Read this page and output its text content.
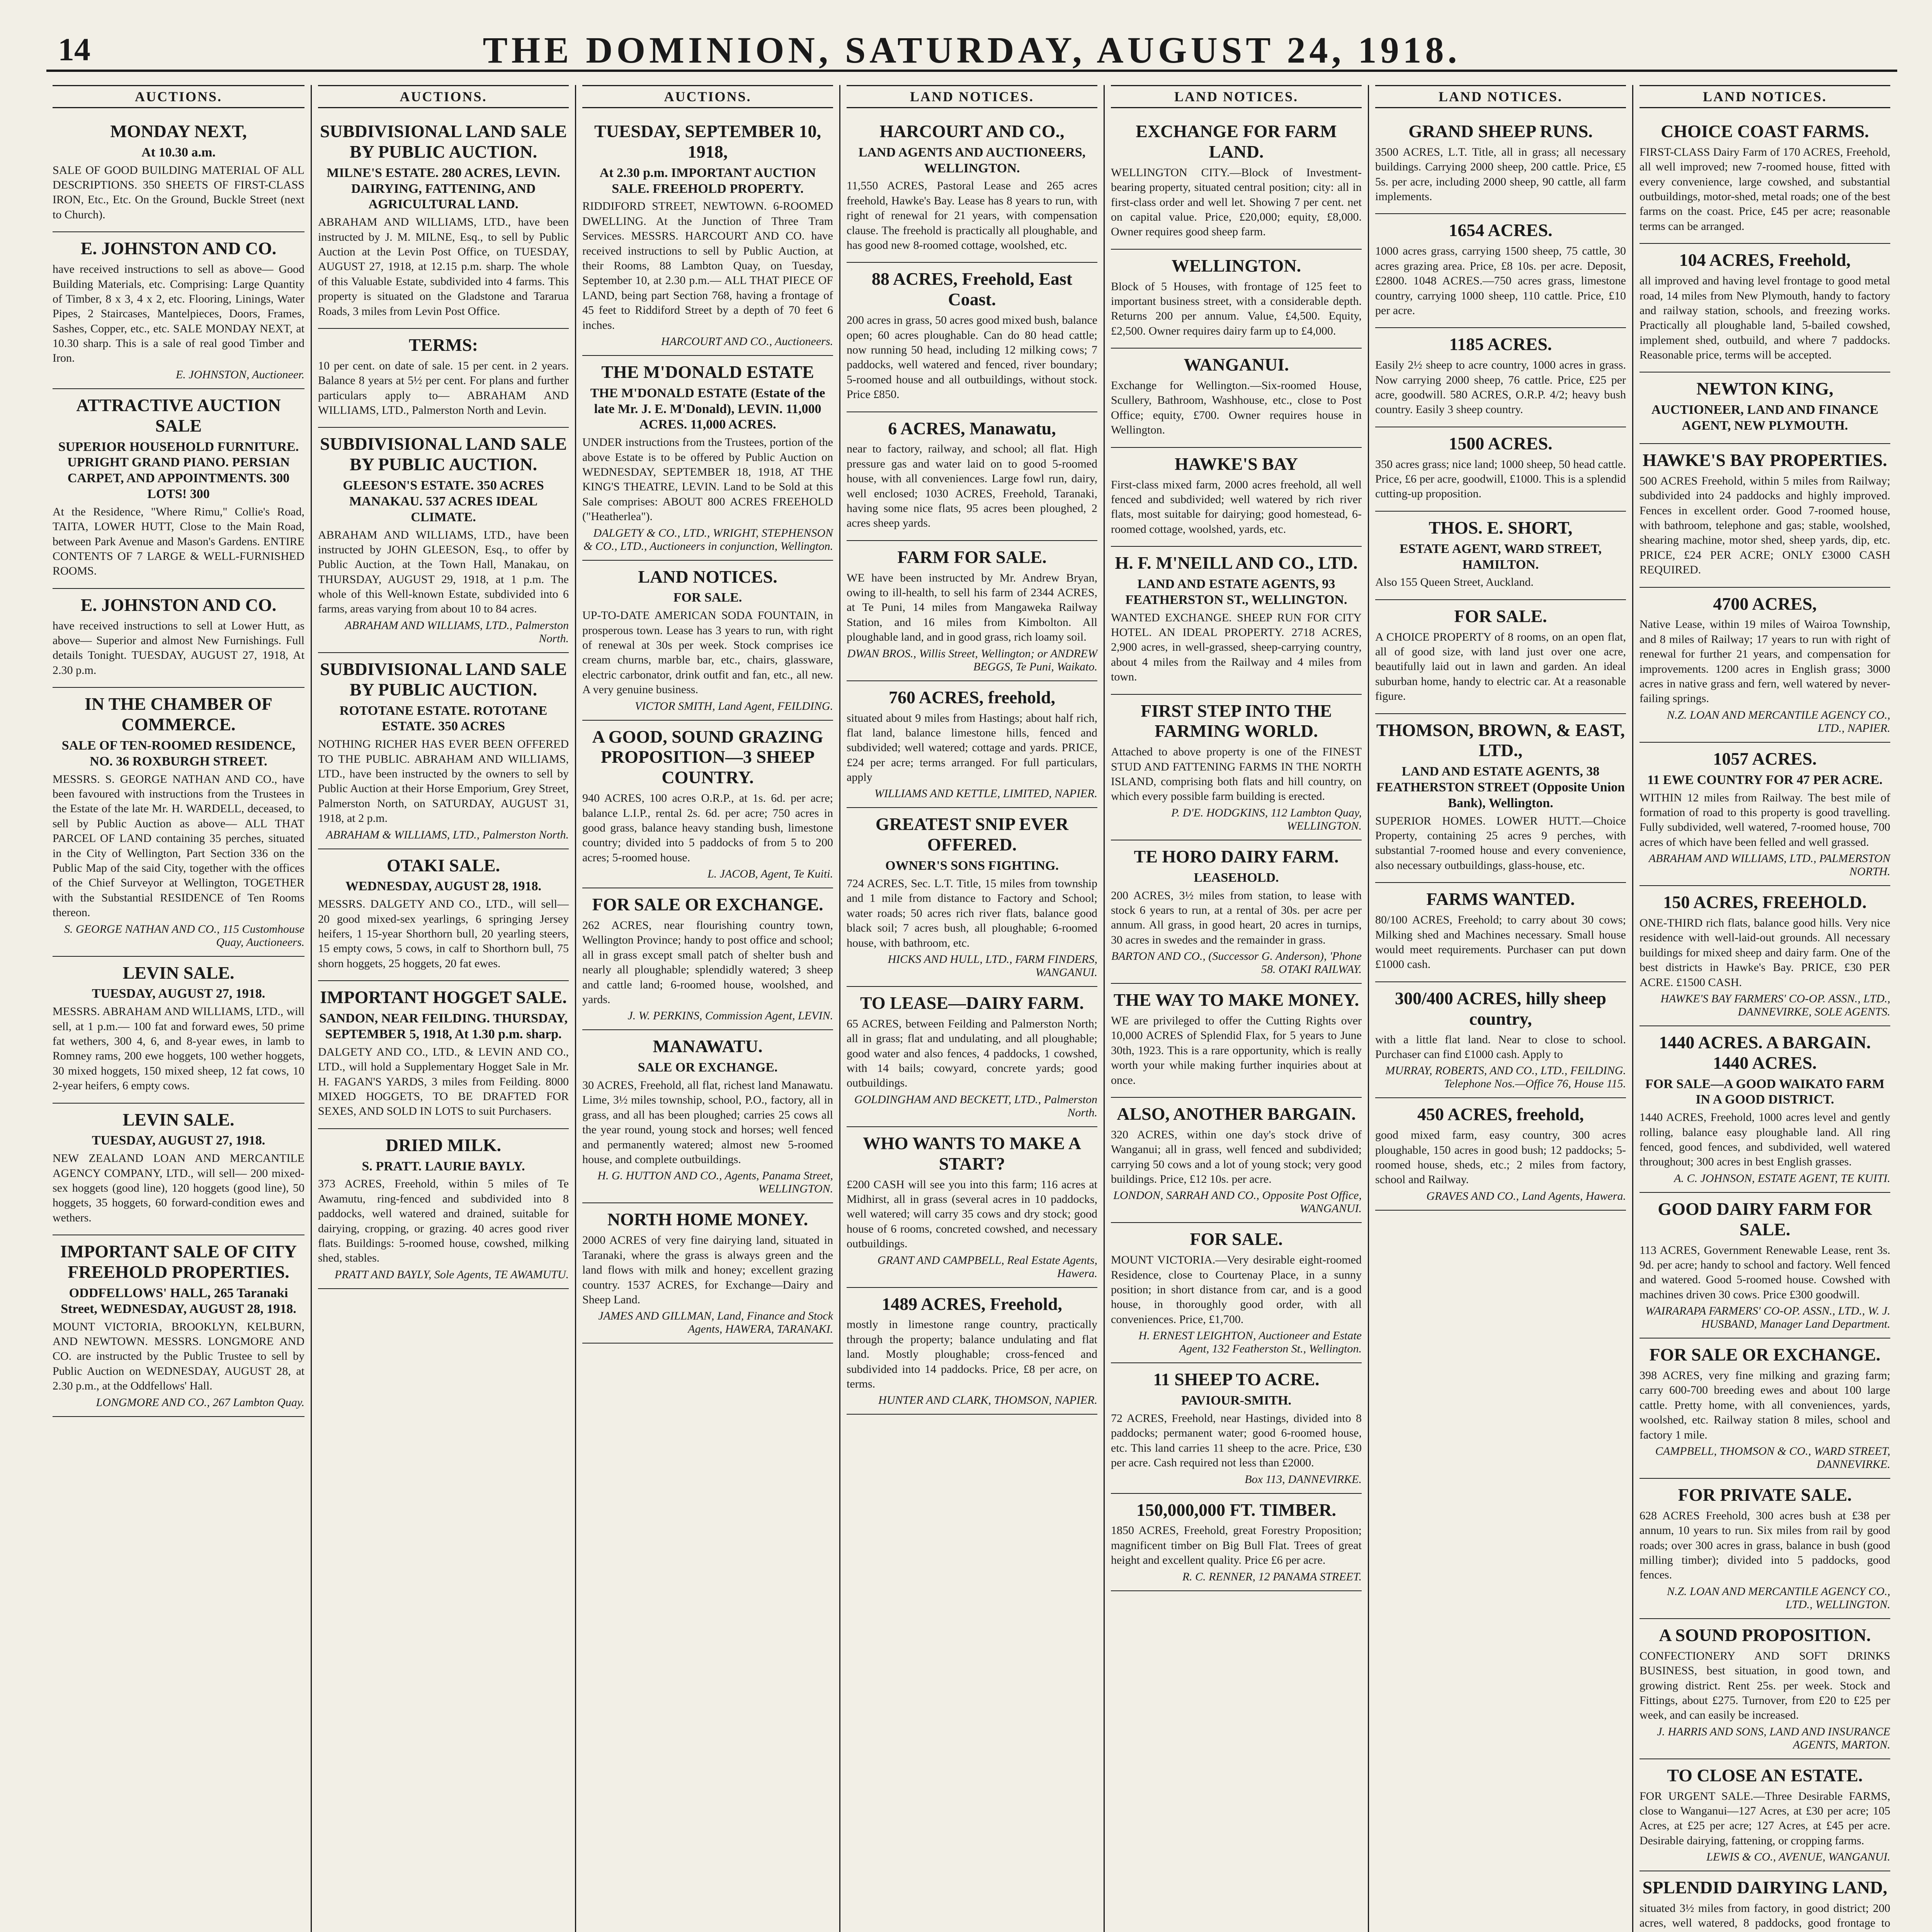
14	THE DOMINION, SATURDAY, AUGUST 24, 1918.
AUCTIONS.
MONDAY NEXT,
At 10.30 a.m.
SALE OF GOOD BUILDING MATERIAL OF ALL DESCRIPTIONS. 350 SHEETS OF FIRST-CLASS IRON, Etc., Etc. On the Ground, Buckle Street (next to Church).
E. JOHNSTON AND CO.
have received instructions to sell as above— Good Building Materials, etc. Comprising: Large Quantity of Timber, 8 x 3, 4 x 2, etc. Flooring, Linings, Water Pipes, 2 Staircases, Mantelpieces, Doors, Frames, Sashes, Copper, etc., etc. SALE MONDAY NEXT, at 10.30 sharp. This is a sale of real good Timber and Iron.
E. JOHNSTON, Auctioneer.
ATTRACTIVE AUCTION SALE
SUPERIOR HOUSEHOLD FURNITURE. UPRIGHT GRAND PIANO. PERSIAN CARPET, AND APPOINTMENTS. 300 LOTS! 300
At the Residence, "Where Rimu," Collie's Road, TAITA, LOWER HUTT, Close to the Main Road, between Park Avenue and Mason's Gardens. ENTIRE CONTENTS OF 7 LARGE & WELL-FURNISHED ROOMS.
E. JOHNSTON AND CO.
have received instructions to sell at Lower Hutt, as above— Superior and almost New Furnishings. Full details Tonight. TUESDAY, AUGUST 27, 1918, At 2.30 p.m.
IN THE CHAMBER OF COMMERCE.
SALE OF TEN-ROOMED RESIDENCE, NO. 36 ROXBURGH STREET.
MESSRS. S. GEORGE NATHAN AND CO., have been favoured with instructions from the Trustees in the Estate of the late Mr. H. WARDELL, deceased, to sell by Public Auction as above— ALL THAT PARCEL OF LAND containing 35 perches, situated in the City of Wellington, Part Section 336 on the Public Map of the said City, together with the offices of the Chief Surveyor at Wellington, TOGETHER with the Substantial RESIDENCE of Ten Rooms thereon.
S. GEORGE NATHAN AND CO., 115 Customhouse Quay, Auctioneers.
LEVIN SALE.
TUESDAY, AUGUST 27, 1918.
MESSRS. ABRAHAM AND WILLIAMS, LTD., will sell, at 1 p.m.— 100 fat and forward ewes, 50 prime fat wethers, 300 4, 6, and 8-year ewes, in lamb to Romney rams, 200 ewe hoggets, 100 wether hoggets, 30 mixed hoggets, 150 mixed sheep, 12 fat cows, 10 2-year heifers, 6 empty cows.
LEVIN SALE.
TUESDAY, AUGUST 27, 1918.
NEW ZEALAND LOAN AND MERCANTILE AGENCY COMPANY, LTD., will sell— 200 mixed-sex hoggets (good line), 120 hoggets (good line), 50 hoggets, 35 hoggets, 60 forward-condition ewes and wethers.
IMPORTANT SALE OF CITY FREEHOLD PROPERTIES.
ODDFELLOWS' HALL, 265 Taranaki Street, WEDNESDAY, AUGUST 28, 1918.
MOUNT VICTORIA, BROOKLYN, KELBURN, AND NEWTOWN. MESSRS. LONGMORE AND CO. are instructed by the Public Trustee to sell by Public Auction on WEDNESDAY, AUGUST 28, at 2.30 p.m., at the Oddfellows' Hall.
LONGMORE AND CO., 267 Lambton Quay.
AUCTIONS.
SUBDIVISIONAL LAND SALE BY PUBLIC AUCTION.
MILNE'S ESTATE. 280 ACRES, LEVIN. DAIRYING, FATTENING, AND AGRICULTURAL LAND.
ABRAHAM AND WILLIAMS, LTD., have been instructed by J. M. MILNE, Esq., to sell by Public Auction at the Levin Post Office, on TUESDAY, AUGUST 27, 1918, at 12.15 p.m. sharp. The whole of this Valuable Estate, subdivided into 4 farms. This property is situated on the Gladstone and Tararua Roads, 3 miles from Levin Post Office.
TERMS:
10 per cent. on date of sale. 15 per cent. in 2 years. Balance 8 years at 5½ per cent. For plans and further particulars apply to— ABRAHAM AND WILLIAMS, LTD., Palmerston North and Levin.
SUBDIVISIONAL LAND SALE BY PUBLIC AUCTION.
GLEESON'S ESTATE. 350 ACRES MANAKAU. 537 ACRES IDEAL CLIMATE.
ABRAHAM AND WILLIAMS, LTD., have been instructed by JOHN GLEESON, Esq., to offer by Public Auction, at the Town Hall, Manakau, on THURSDAY, AUGUST 29, 1918, at 1 p.m. The whole of this Well-known Estate, subdivided into 6 farms, areas varying from about 10 to 84 acres.
ABRAHAM AND WILLIAMS, LTD., Palmerston North.
SUBDIVISIONAL LAND SALE BY PUBLIC AUCTION.
ROTOTANE ESTATE. ROTOTANE ESTATE. 350 ACRES
NOTHING RICHER HAS EVER BEEN OFFERED TO THE PUBLIC. ABRAHAM AND WILLIAMS, LTD., have been instructed by the owners to sell by Public Auction at their Horse Emporium, Grey Street, Palmerston North, on SATURDAY, AUGUST 31, 1918, at 2 p.m.
ABRAHAM & WILLIAMS, LTD., Palmerston North.
OTAKI SALE.
WEDNESDAY, AUGUST 28, 1918.
MESSRS. DALGETY AND CO., LTD., will sell— 20 good mixed-sex yearlings, 6 springing Jersey heifers, 1 15-year Shorthorn bull, 20 yearling steers, 15 empty cows, 5 cows, in calf to Shorthorn bull, 75 shorn hoggets, 25 hoggets, 20 fat ewes.
IMPORTANT HOGGET SALE.
SANDON, NEAR FEILDING. THURSDAY, SEPTEMBER 5, 1918, At 1.30 p.m. sharp.
DALGETY AND CO., LTD., & LEVIN AND CO., LTD., will hold a Supplementary Hogget Sale in Mr. H. FAGAN'S YARDS, 3 miles from Feilding. 8000 MIXED HOGGETS, TO BE DRAFTED FOR SEXES, AND SOLD IN LOTS to suit Purchasers.
DRIED MILK.
S. PRATT. LAURIE BAYLY.
373 ACRES, Freehold, within 5 miles of Te Awamutu, ring-fenced and subdivided into 8 paddocks, well watered and drained, suitable for dairying, cropping, or grazing. 40 acres good river flats. Buildings: 5-roomed house, cowshed, milking shed, stables.
PRATT AND BAYLY, Sole Agents, TE AWAMUTU.
AUCTIONS.
TUESDAY, SEPTEMBER 10, 1918,
At 2.30 p.m. IMPORTANT AUCTION SALE. FREEHOLD PROPERTY.
RIDDIFORD STREET, NEWTOWN. 6-ROOMED DWELLING. At the Junction of Three Tram Services. MESSRS. HARCOURT AND CO. have received instructions to sell by Public Auction, at their Rooms, 88 Lambton Quay, on Tuesday, September 10, at 2.30 p.m.— ALL THAT PIECE OF LAND, being part Section 768, having a frontage of 45 feet to Riddiford Street by a depth of 70 feet 6 inches.
HARCOURT AND CO., Auctioneers.
THE M'DONALD ESTATE
THE M'DONALD ESTATE (Estate of the late Mr. J. E. M'Donald), LEVIN. 11,000 ACRES. 11,000 ACRES.
UNDER instructions from the Trustees, portion of the above Estate is to be offered by Public Auction on WEDNESDAY, SEPTEMBER 18, 1918, AT THE KING'S THEATRE, LEVIN. Land to be Sold at this Sale comprises: ABOUT 800 ACRES FREEHOLD ("Heatherlea").
DALGETY & CO., LTD., WRIGHT, STEPHENSON & CO., LTD., Auctioneers in conjunction, Wellington.
LAND NOTICES.
FOR SALE.
UP-TO-DATE AMERICAN SODA FOUNTAIN, in prosperous town. Lease has 3 years to run, with right of renewal at 30s per week. Stock comprises ice cream churns, marble bar, etc., chairs, glassware, electric carbonator, drink outfit and fan, etc., all new. A very genuine business.
VICTOR SMITH, Land Agent, FEILDING.
A GOOD, SOUND GRAZING PROPOSITION—3 SHEEP COUNTRY.
940 ACRES, 100 acres O.R.P., at 1s. 6d. per acre; balance L.I.P., rental 2s. 6d. per acre; 750 acres in good grass, balance heavy standing bush, limestone country; divided into 5 paddocks of from 5 to 200 acres; 5-roomed house.
L. JACOB, Agent, Te Kuiti.
FOR SALE OR EXCHANGE.
262 ACRES, near flourishing country town, Wellington Province; handy to post office and school; all in grass except small patch of shelter bush and nearly all ploughable; splendidly watered; 3 sheep and cattle land; 6-roomed house, woolshed, and yards.
J. W. PERKINS, Commission Agent, LEVIN.
MANAWATU.
SALE OR EXCHANGE.
30 ACRES, Freehold, all flat, richest land Manawatu. Lime, 3½ miles township, school, P.O., factory, all in grass, and all has been ploughed; carries 25 cows all the year round, young stock and horses; well fenced and permanently watered; almost new 5-roomed house, and complete outbuildings.
H. G. HUTTON AND CO., Agents, Panama Street, WELLINGTON.
NORTH HOME MONEY.
2000 ACRES of very fine dairying land, situated in Taranaki, where the grass is always green and the land flows with milk and honey; excellent grazing country. 1537 ACRES, for Exchange—Dairy and Sheep Land.
JAMES AND GILLMAN, Land, Finance and Stock Agents, HAWERA, TARANAKI.
LAND NOTICES.
HARCOURT AND CO.,
LAND AGENTS AND AUCTIONEERS, WELLINGTON.
11,550 ACRES, Pastoral Lease and 265 acres freehold, Hawke's Bay. Lease has 8 years to run, with right of renewal for 21 years, with compensation clause. The freehold is practically all ploughable, and has good new 8-roomed cottage, woolshed, etc.
88 ACRES, Freehold, East Coast.
200 acres in grass, 50 acres good mixed bush, balance open; 60 acres ploughable. Can do 80 head cattle; now running 50 head, including 12 milking cows; 7 paddocks, well watered and fenced, river boundary; 5-roomed house and all outbuildings, without stock. Price £850.
6 ACRES, Manawatu,
near to factory, railway, and school; all flat. High pressure gas and water laid on to good 5-roomed house, with all conveniences. Large fowl run, dairy, well enclosed; 1030 ACRES, Freehold, Taranaki, having some nice flats, 95 acres been ploughed, 2 acres sheep yards.
FARM FOR SALE.
WE have been instructed by Mr. Andrew Bryan, owing to ill-health, to sell his farm of 2344 ACRES, at Te Puni, 14 miles from Mangaweka Railway Station, and 16 miles from Kimbolton. All ploughable land, and in good grass, rich loamy soil.
DWAN BROS., Willis Street, Wellington; or ANDREW BEGGS, Te Puni, Waikato.
760 ACRES, freehold,
situated about 9 miles from Hastings; about half rich, flat land, balance limestone hills, fenced and subdivided; well watered; cottage and yards. PRICE, £24 per acre; terms arranged. For full particulars, apply
WILLIAMS AND KETTLE, LIMITED, NAPIER.
GREATEST SNIP EVER OFFERED.
OWNER'S SONS FIGHTING.
724 ACRES, Sec. L.T. Title, 15 miles from township and 1 mile from distance to Factory and School; water roads; 50 acres rich river flats, balance good black soil; 7 acres bush, all ploughable; 6-roomed house, with bathroom, etc.
HICKS AND HULL, LTD., FARM FINDERS, WANGANUI.
TO LEASE—DAIRY FARM.
65 ACRES, between Feilding and Palmerston North; all in grass; flat and undulating, and all ploughable; good water and also fences, 4 paddocks, 1 cowshed, with 14 bails; cowyard, concrete yards; good outbuildings.
GOLDINGHAM AND BECKETT, LTD., Palmerston North.
WHO WANTS TO MAKE A START?
£200 CASH will see you into this farm; 116 acres at Midhirst, all in grass (several acres in 10 paddocks, well watered; will carry 35 cows and dry stock; good house of 6 rooms, concreted cowshed, and necessary outbuildings.
GRANT AND CAMPBELL, Real Estate Agents, Hawera.
1489 ACRES, Freehold,
mostly in limestone range country, practically through the property; balance undulating and flat land. Mostly ploughable; cross-fenced and subdivided into 14 paddocks. Price, £8 per acre, on terms.
HUNTER AND CLARK, THOMSON, NAPIER.
LAND NOTICES.
EXCHANGE FOR FARM LAND.
WELLINGTON CITY.—Block of Investment-bearing property, situated central position; city: all in first-class order and well let. Showing 7 per cent. net on capital value. Price, £20,000; equity, £8,000. Owner requires good sheep farm.
WELLINGTON.
Block of 5 Houses, with frontage of 125 feet to important business street, with a considerable depth. Returns 200 per annum. Value, £4,500. Equity, £2,500. Owner requires dairy farm up to £4,000.
WANGANUI.
Exchange for Wellington.—Six-roomed House, Scullery, Bathroom, Washhouse, etc., close to Post Office; equity, £700. Owner requires house in Wellington.
HAWKE'S BAY
First-class mixed farm, 2000 acres freehold, all well fenced and subdivided; well watered by rich river flats, most suitable for dairying; good homestead, 6-roomed cottage, woolshed, yards, etc.
H. F. M'NEILL AND CO., LTD.
LAND AND ESTATE AGENTS, 93 FEATHERSTON ST., WELLINGTON.
WANTED EXCHANGE. SHEEP RUN FOR CITY HOTEL. AN IDEAL PROPERTY. 2718 ACRES, 2,900 acres, in well-grassed, sheep-carrying country, about 4 miles from the Railway and 4 miles from town.
FIRST STEP INTO THE FARMING WORLD.
Attached to above property is one of the FINEST STUD AND FATTENING FARMS IN THE NORTH ISLAND, comprising both flats and hill country, on which every possible farm building is erected.
P. D'E. HODGKINS, 112 Lambton Quay, WELLINGTON.
TE HORO DAIRY FARM.
LEASEHOLD.
200 ACRES, 3½ miles from station, to lease with stock 6 years to run, at a rental of 30s. per acre per annum. All grass, in good heart, 20 acres in turnips, 30 acres in swedes and the remainder in grass.
BARTON AND CO., (Successor G. Anderson), 'Phone 58. OTAKI RAILWAY.
THE WAY TO MAKE MONEY.
WE are privileged to offer the Cutting Rights over 10,000 ACRES of Splendid Flax, for 5 years to June 30th, 1923. This is a rare opportunity, which is really worth your while making further inquiries about at once.
ALSO, ANOTHER BARGAIN.
320 ACRES, within one day's stock drive of Wanganui; all in grass, well fenced and subdivided; carrying 50 cows and a lot of young stock; very good buildings. Price, £12 10s. per acre.
LONDON, SARRAH AND CO., Opposite Post Office, WANGANUI.
FOR SALE.
MOUNT VICTORIA.—Very desirable eight-roomed Residence, close to Courtenay Place, in a sunny position; in short distance from car, and is a good house, in thoroughly good order, with all conveniences. Price, £1,700.
H. ERNEST LEIGHTON, Auctioneer and Estate Agent, 132 Featherston St., Wellington.
11 SHEEP TO ACRE.
PAVIOUR-SMITH.
72 ACRES, Freehold, near Hastings, divided into 8 paddocks; permanent water; good 6-roomed house, etc. This land carries 11 sheep to the acre. Price, £30 per acre. Cash required not less than £2000.
Box 113, DANNEVIRKE.
150,000,000 FT. TIMBER.
1850 ACRES, Freehold, great Forestry Proposition; magnificent timber on Big Bull Flat. Trees of great height and excellent quality. Price £6 per acre.
R. C. RENNER, 12 PANAMA STREET.
LAND NOTICES.
GRAND SHEEP RUNS.
3500 ACRES, L.T. Title, all in grass; all necessary buildings. Carrying 2000 sheep, 200 cattle. Price, £5 5s. per acre, including 2000 sheep, 90 cattle, all farm implements.
1654 ACRES.
1000 acres grass, carrying 1500 sheep, 75 cattle, 30 acres grazing area. Price, £8 10s. per acre. Deposit, £2800. 1048 ACRES.—750 acres grass, limestone country, carrying 1000 sheep, 110 cattle. Price, £10 per acre.
1185 ACRES.
Easily 2½ sheep to acre country, 1000 acres in grass. Now carrying 2000 sheep, 76 cattle. Price, £25 per acre, goodwill. 580 ACRES, O.R.P. 4/2; heavy bush country. Easily 3 sheep country.
1500 ACRES.
350 acres grass; nice land; 1000 sheep, 50 head cattle. Price, £6 per acre, goodwill, £1000. This is a splendid cutting-up proposition.
THOS. E. SHORT,
ESTATE AGENT, WARD STREET, HAMILTON.
Also 155 Queen Street, Auckland.
FOR SALE.
A CHOICE PROPERTY of 8 rooms, on an open flat, all of good size, with land just over one acre, beautifully laid out in lawn and garden. An ideal suburban home, handy to electric car. At a reasonable figure.
THOMSON, BROWN, & EAST, LTD.,
LAND AND ESTATE AGENTS, 38 FEATHERSTON STREET (Opposite Union Bank), Wellington.
SUPERIOR HOMES. LOWER HUTT.—Choice Property, containing 25 acres 9 perches, with substantial 7-roomed house and every convenience, also necessary outbuildings, glass-house, etc.
FARMS WANTED.
80/100 ACRES, Freehold; to carry about 30 cows; Milking shed and Machines necessary. Small house would meet requirements. Purchaser can put down £1000 cash.
300/400 ACRES, hilly sheep country,
with a little flat land. Near to close to school. Purchaser can find £1000 cash. Apply to
MURRAY, ROBERTS, AND CO., LTD., FEILDING. Telephone Nos.—Office 76, House 115.
450 ACRES, freehold,
good mixed farm, easy country, 300 acres ploughable, 150 acres in good bush; 12 paddocks; 5-roomed house, sheds, etc.; 2 miles from factory, school and Railway.
GRAVES AND CO., Land Agents, Hawera.
LAND NOTICES.
CHOICE COAST FARMS.
FIRST-CLASS Dairy Farm of 170 ACRES, Freehold, all well improved; new 7-roomed house, fitted with every convenience, large cowshed, and substantial outbuildings, motor-shed, metal roads; one of the best farms on the coast. Price, £45 per acre; reasonable terms can be arranged.
104 ACRES, Freehold,
all improved and having level frontage to good metal road, 14 miles from New Plymouth, handy to factory and railway station, schools, and freezing works. Practically all ploughable land, 5-bailed cowshed, implement shed, outbuild, and where 7 paddocks. Reasonable price, terms will be accepted.
NEWTON KING,
AUCTIONEER, LAND AND FINANCE AGENT, NEW PLYMOUTH.
HAWKE'S BAY PROPERTIES.
500 ACRES Freehold, within 5 miles from Railway; subdivided into 24 paddocks and highly improved. Fences in excellent order. Good 7-roomed house, with bathroom, telephone and gas; stable, woolshed, shearing machine, motor shed, sheep yards, dip, etc. PRICE, £24 PER ACRE; ONLY £3000 CASH REQUIRED.
4700 ACRES,
Native Lease, within 19 miles of Wairoa Township, and 8 miles of Railway; 17 years to run with right of renewal for further 21 years, and compensation for improvements. 1200 acres in English grass; 3000 acres in native grass and fern, well watered by never-failing springs.
N.Z. LOAN AND MERCANTILE AGENCY CO., LTD., NAPIER.
1057 ACRES.
11 EWE COUNTRY FOR 47 PER ACRE.
WITHIN 12 miles from Railway. The best mile of formation of road to this property is good travelling. Fully subdivided, well watered, 7-roomed house, 700 acres of which have been felled and well grassed.
ABRAHAM AND WILLIAMS, LTD., PALMERSTON NORTH.
150 ACRES, FREEHOLD.
ONE-THIRD rich flats, balance good hills. Very nice residence with well-laid-out grounds. All necessary buildings for mixed sheep and dairy farm. One of the best districts in Hawke's Bay. PRICE, £30 PER ACRE. £1500 CASH.
HAWKE'S BAY FARMERS' CO-OP. ASSN., LTD., DANNEVIRKE, SOLE AGENTS.
1440 ACRES. A BARGAIN. 1440 ACRES.
FOR SALE—A GOOD WAIKATO FARM IN A GOOD DISTRICT.
1440 ACRES, Freehold, 1000 acres level and gently rolling, balance easy ploughable land. All ring fenced, good fences, and subdivided, well watered throughout; 300 acres in best English grasses.
A. C. JOHNSON, ESTATE AGENT, TE KUITI.
GOOD DAIRY FARM FOR SALE.
113 ACRES, Government Renewable Lease, rent 3s. 9d. per acre; handy to school and factory. Well fenced and watered. Good 5-roomed house. Cowshed with machines driven 30 cows. Price £300 goodwill.
WAIRARAPA FARMERS' CO-OP. ASSN., LTD., W. J. HUSBAND, Manager Land Department.
FOR SALE OR EXCHANGE.
398 ACRES, very fine milking and grazing farm; carry 600-700 breeding ewes and about 100 large cattle. Pretty home, with all conveniences, yards, woolshed, etc. Railway station 8 miles, school and factory 1 mile.
CAMPBELL, THOMSON & CO., WARD STREET, DANNEVIRKE.
FOR PRIVATE SALE.
628 ACRES Freehold, 300 acres bush at £38 per annum, 10 years to run. Six miles from rail by good roads; over 300 acres in grass, balance in bush (good milling timber); divided into 5 paddocks, good fences.
N.Z. LOAN AND MERCANTILE AGENCY CO., LTD., WELLINGTON.
A SOUND PROPOSITION.
CONFECTIONERY AND SOFT DRINKS BUSINESS, best situation, in good town, and growing district. Rent 25s. per week. Stock and Fittings, about £275. Turnover, from £20 to £25 per week, and can easily be increased.
J. HARRIS AND SONS, LAND AND INSURANCE AGENTS, MARTON.
TO CLOSE AN ESTATE.
FOR URGENT SALE.—Three Desirable FARMS, close to Wanganui—127 Acres, at £30 per acre; 105 Acres, at £25 per acre; 127 Acres, at £45 per acre. Desirable dairying, fattening, or cropping farms.
LEWIS & CO., AVENUE, WANGANUI.
SPLENDID DAIRYING LAND,
situated 3½ miles from factory, in good district; 200 acres, well watered, 8 paddocks, good frontage to
